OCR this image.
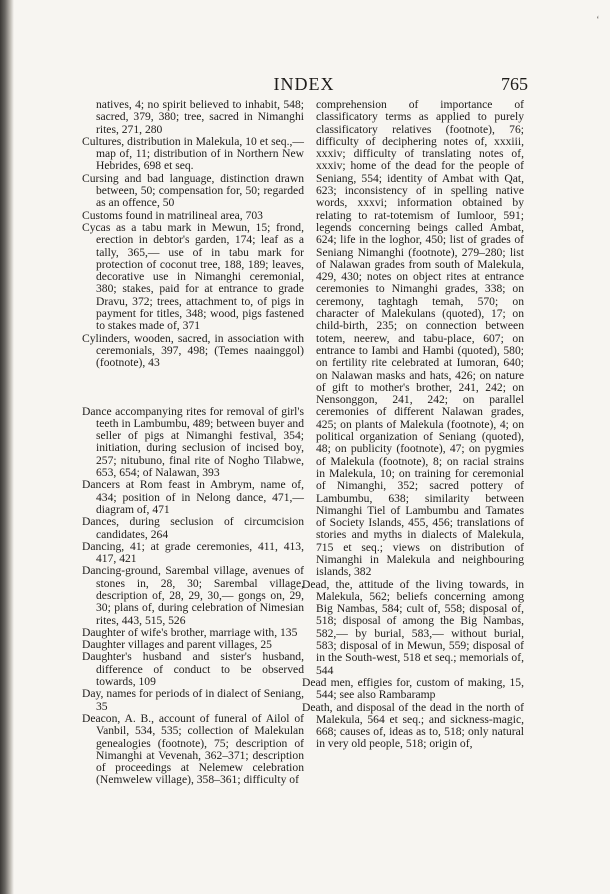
‘
INDEX	765

natives, 4; no spirit believed to inhabit, 548; sacred, 379, 380; tree, sacred in Nimanghi rites, 271, 280

Cultures, distribution in Malekula, 10 et seq.,— map of, 11; distribution of in Northern New Hebrides, 698 et seq.

Cursing and bad language, distinction drawn between, 50; compensation for, 50; regarded as an offence, 50

Customs found in matrilineal area, 703

Cycas as a tabu mark in Mewun, 15; frond, erection in debtor's garden, 174; leaf as a tally, 365,— use of in tabu mark for protection of coconut tree, 188, 189; leaves, decorative use in Nimanghi ceremonial, 380; stakes, paid for at entrance to grade Dravu, 372; trees, attachment to, of pigs in payment for titles, 348; wood, pigs fastened to stakes made of, 371

Cylinders, wooden, sacred, in association with ceremonials, 397, 498; (Temes naainggol) (footnote), 43

Dance accompanying rites for removal of girl's teeth in Lambumbu, 489; between buyer and seller of pigs at Nimanghi festival, 354; initiation, during seclusion of incised boy, 257; nitubuno, final rite of Nogho Tilabwe, 653, 654; of Nalawan, 393

Dancers at Rom feast in Ambrym, name of, 434; position of in Nelong dance, 471,— diagram of, 471

Dances, during seclusion of circumcision candidates, 264

Dancing, 41; at grade ceremonies, 411, 413, 417, 421

Dancing-ground, Sarembal village, avenues of stones in, 28, 30; Sarembal village, description of, 28, 29, 30,— gongs on, 29, 30; plans of, during celebration of Nimesian rites, 443, 515, 526

Daughter of wife's brother, marriage with, 135

Daughter villages and parent villages, 25

Daughter's husband and sister's husband, difference of conduct to be observed towards, 109

Day, names for periods of in dialect of Seniang, 35

Deacon, A. B., account of funeral of Ailol of Vanbil, 534, 535; collection of Malekulan genealogies (footnote), 75; description of Nimanghi at Vevenah, 362–371; description of proceedings at Nelemew celebration (Nemwelew village), 358–361; difficulty of

comprehension of importance of classificatory terms as applied to purely classificatory relatives (footnote), 76; difficulty of deciphering notes of, xxxiii, xxxiv; difficulty of translating notes of, xxxiv; home of the dead for the people of Seniang, 554; identity of Ambat with Qat, 623; inconsistency of in spelling native words, xxxvi; information obtained by relating to rat-totemism of Iumloor, 591; legends concerning beings called Ambat, 624; life in the loghor, 450; list of grades of Seniang Nimanghi (footnote), 279–280; list of Nalawan grades from south of Malekula, 429, 430; notes on object rites at entrance ceremonies to Nimanghi grades, 338; on ceremony, taghtagh temah, 570; on character of Malekulans (quoted), 17; on child-birth, 235; on connection between totem, neerew, and tabu-place, 607; on entrance to Iambi and Hambi (quoted), 580; on fertility rite celebrated at Iumoran, 640; on Nalawan masks and hats, 426; on nature of gift to mother's brother, 241, 242; on Nensonggon, 241, 242; on parallel ceremonies of different Nalawan grades, 425; on plants of Malekula (footnote), 4; on political organization of Seniang (quoted), 48; on publicity (footnote), 47; on pygmies of Malekula (footnote), 8; on racial strains in Malekula, 10; on training for ceremonial of Nimanghi, 352; sacred pottery of Lambumbu, 638; similarity between Nimanghi Tiel of Lambumbu and Tamates of Society Islands, 455, 456; translations of stories and myths in dialects of Malekula, 715 et seq.; views on distribution of Nimanghi in Malekula and neighbouring islands, 382

Dead, the, attitude of the living towards, in Malekula, 562; beliefs concerning among Big Nambas, 584; cult of, 558; disposal of, 518; disposal of among the Big Nambas, 582,— by burial, 583,— without burial, 583; disposal of in Mewun, 559; disposal of in the South-west, 518 et seq.; memorials of, 544

Dead men, effigies for, custom of making, 15, 544; see also Rambaramp

Death, and disposal of the dead in the north of Malekula, 564 et seq.; and sickness-magic, 668; causes of, ideas as to, 518; only natural in very old people, 518; origin of,
